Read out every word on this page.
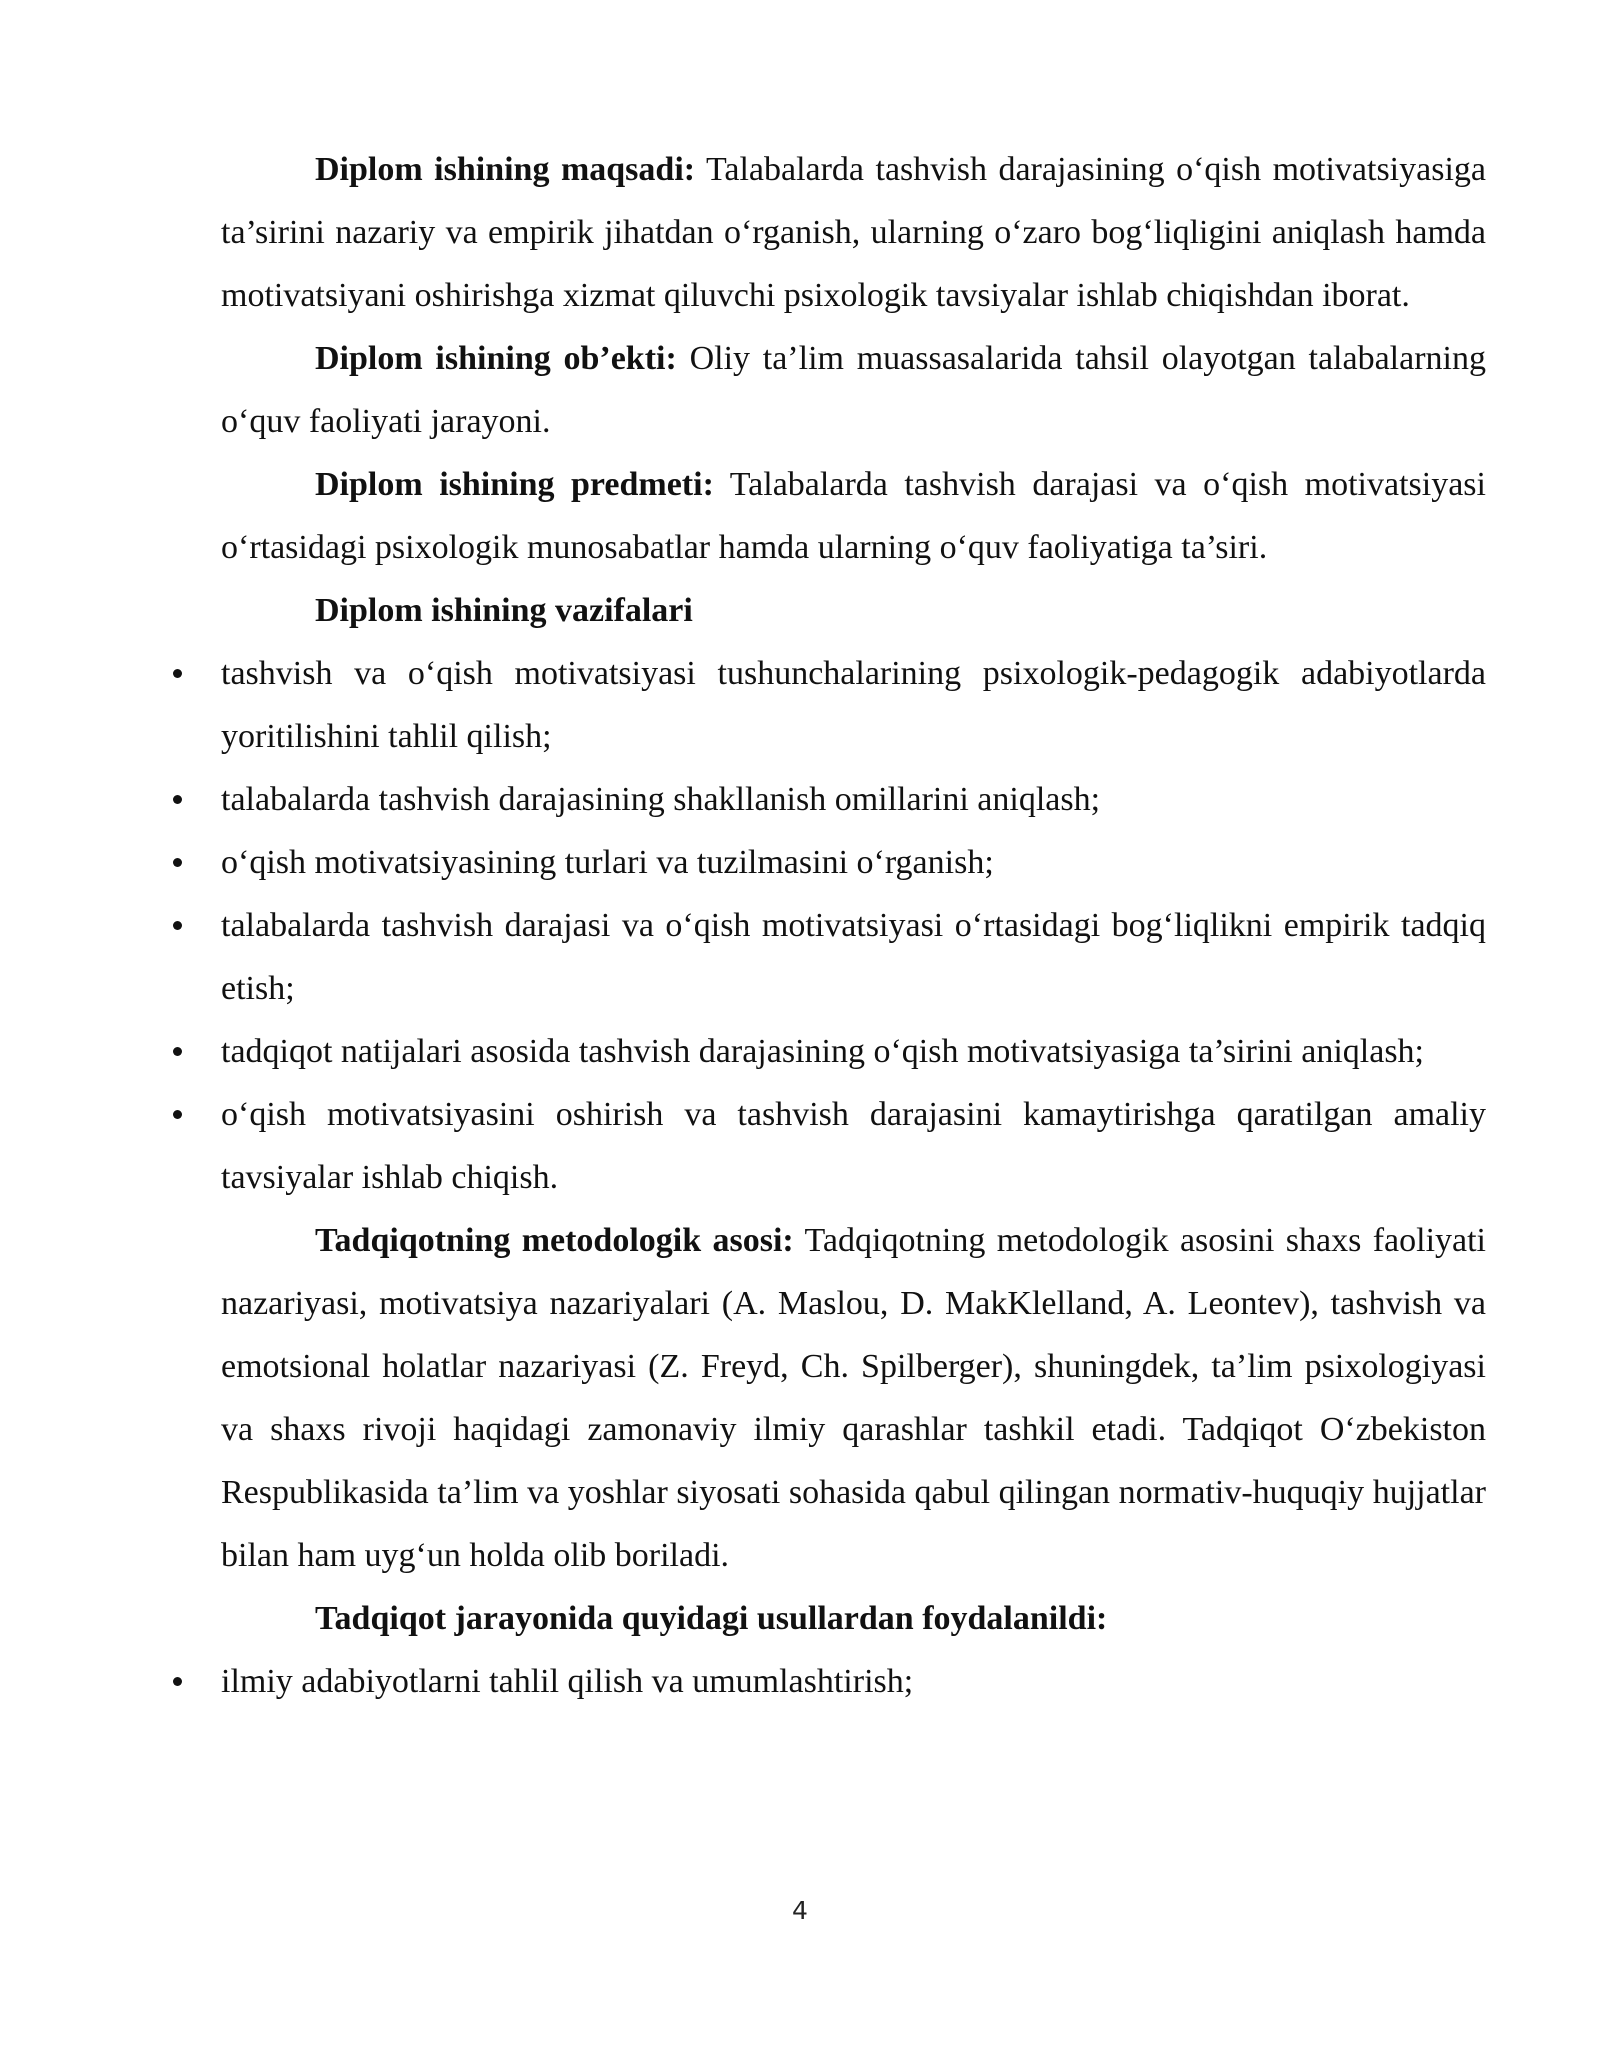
Diplom ishining maqsadi: Talabalarda tashvish darajasining o‘qish motivatsiyasiga ta’sirini nazariy va empirik jihatdan o‘rganish, ularning o‘zaro bog‘liqligini aniqlash hamda motivatsiyani oshirishga xizmat qiluvchi psixologik tavsiyalar ishlab chiqishdan iborat.

Diplom ishining ob’ekti: Oliy ta’lim muassasalarida tahsil olayotgan talabalarning o‘quv faoliyati jarayoni.

Diplom ishining predmeti: Talabalarda tashvish darajasi va o‘qish motivatsiyasi o‘rtasidagi psixologik munosabatlar hamda ularning o‘quv faoliyatiga ta’siri.

Diplom ishining vazifalari

tashvish va o‘qish motivatsiyasi tushunchalarining psixologik-pedagogik adabiyotlarda yoritilishini tahlil qilish;
talabalarda tashvish darajasining shakllanish omillarini aniqlash;
o‘qish motivatsiyasining turlari va tuzilmasini o‘rganish;
talabalarda tashvish darajasi va o‘qish motivatsiyasi o‘rtasidagi bog‘liqlikni empirik tadqiq etish;
tadqiqot natijalari asosida tashvish darajasining o‘qish motivatsiyasiga ta’sirini aniqlash;
o‘qish motivatsiyasini oshirish va tashvish darajasini kamaytirishga qaratilgan amaliy tavsiyalar ishlab chiqish.

Tadqiqotning metodologik asosi: Tadqiqotning metodologik asosini shaxs faoliyati nazariyasi, motivatsiya nazariyalari (A. Maslou, D. MakKlelland, A. Leontev), tashvish va emotsional holatlar nazariyasi (Z. Freyd, Ch. Spilberger), shuningdek, ta’lim psixologiyasi va shaxs rivoji haqidagi zamonaviy ilmiy qarashlar tashkil etadi. Tadqiqot O‘zbekiston Respublikasida ta’lim va yoshlar siyosati sohasida qabul qilingan normativ-huquqiy hujjatlar bilan ham uyg‘un holda olib boriladi.

Tadqiqot jarayonida quyidagi usullardan foydalanildi:

ilmiy adabiyotlarni tahlil qilish va umumlashtirish;
4
